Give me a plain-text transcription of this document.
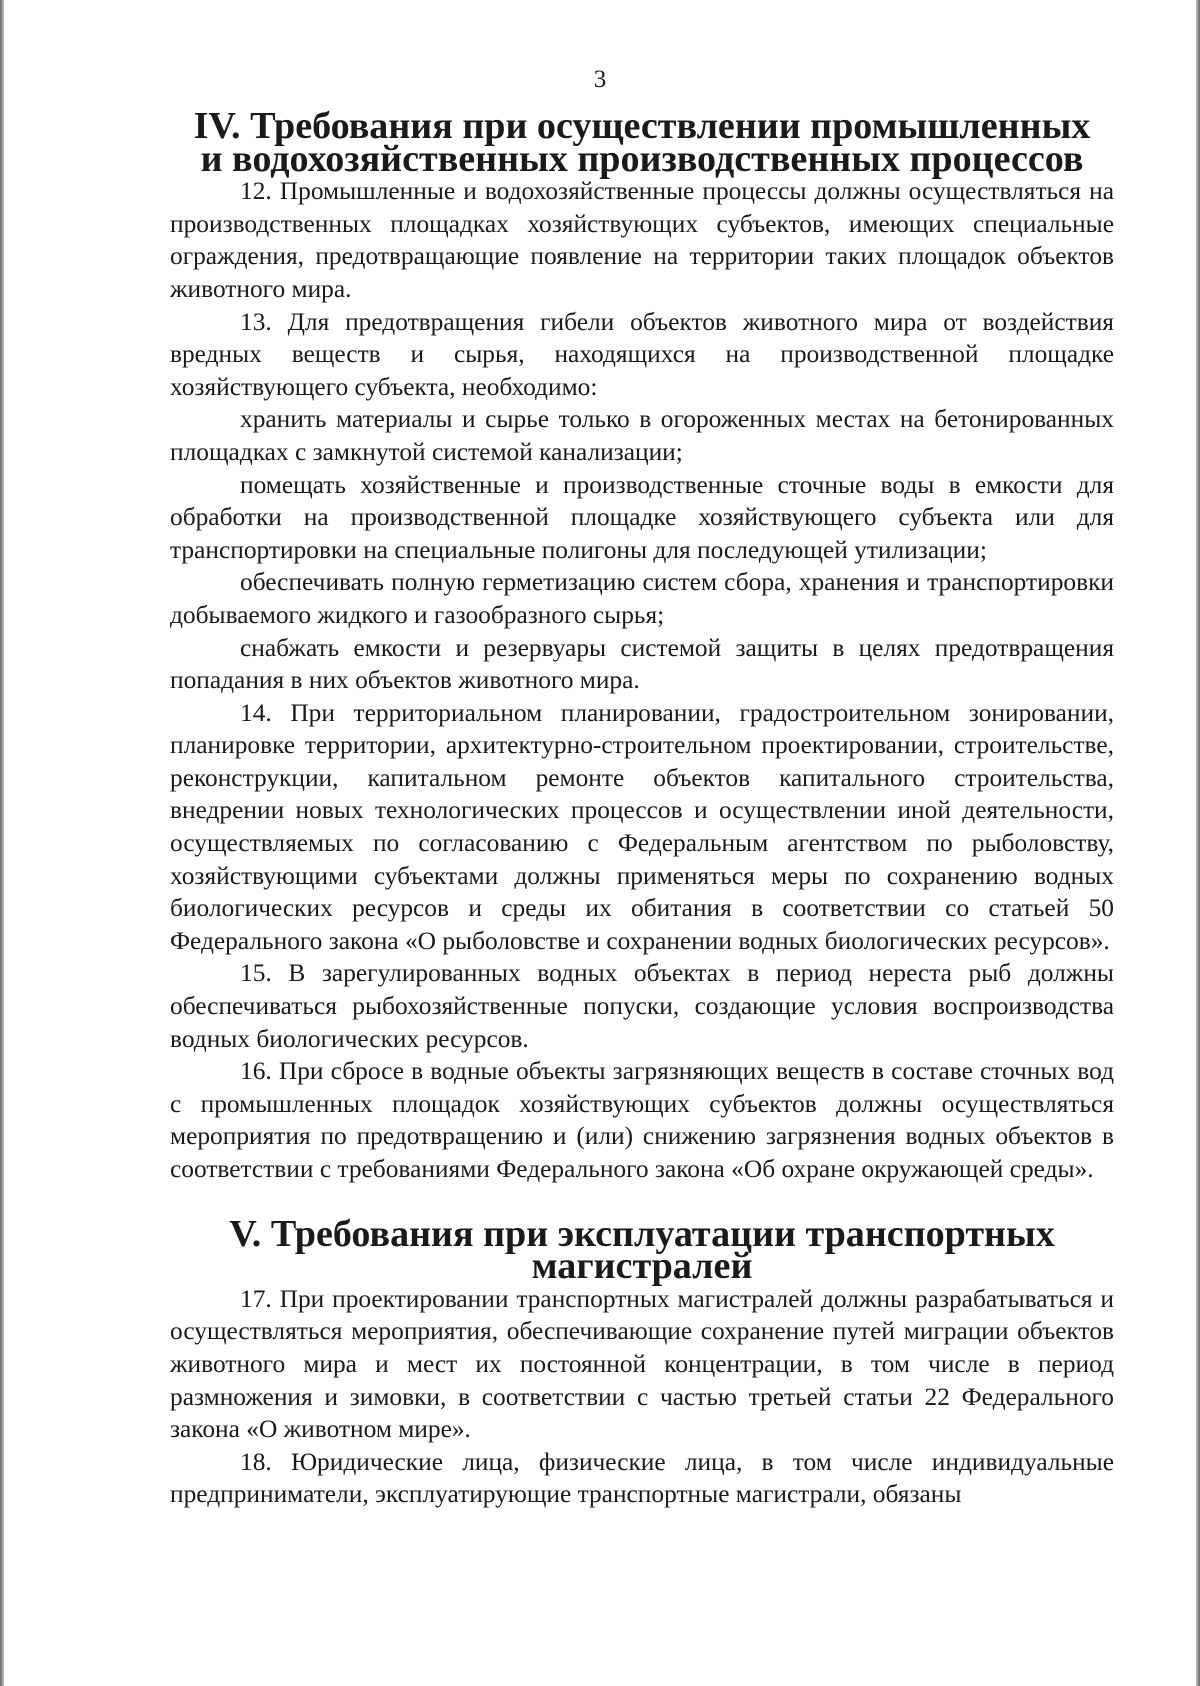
3
IV. Требования при осуществлении промышленных
и водохозяйственных производственных процессов

12. Промышленные и водохозяйственные процессы должны осуществляться на производственных площадках хозяйствующих субъектов, имеющих специальные ограждения, предотвращающие появление на территории таких площадок объектов животного мира.

13. Для предотвращения гибели объектов животного мира от воздействия вредных веществ и сырья, находящихся на производственной площадке хозяйствующего субъекта, необходимо:

хранить материалы и сырье только в огороженных местах на бетонированных площадках с замкнутой системой канализации;

помещать хозяйственные и производственные сточные воды в емкости для обработки на производственной площадке хозяйствующего субъекта или для транспортировки на специальные полигоны для последующей утилизации;

обеспечивать полную герметизацию систем сбора, хранения и транспортировки добываемого жидкого и газообразного сырья;

снабжать емкости и резервуары системой защиты в целях предотвращения попадания в них объектов животного мира.

14. При территориальном планировании, градостроительном зонировании, планировке территории, архитектурно-строительном проектировании, строительстве, реконструкции, капитальном ремонте объектов капитального строительства, внедрении новых технологических процессов и осуществлении иной деятельности, осуществляемых по согласованию с Федеральным агентством по рыболовству, хозяйствующими субъектами должны применяться меры по сохранению водных биологических ресурсов и среды их обитания в соответствии со статьей 50 Федерального закона «О рыболовстве и сохранении водных биологических ресурсов».

15. В зарегулированных водных объектах в период нереста рыб должны обеспечиваться рыбохозяйственные попуски, создающие условия воспроизводства водных биологических ресурсов.

16. При сбросе в водные объекты загрязняющих веществ в составе сточных вод с промышленных площадок хозяйствующих субъектов должны осуществляться мероприятия по предотвращению и (или) снижению загрязнения водных объектов в соответствии с требованиями Федерального закона «Об охране окружающей среды».

V. Требования при эксплуатации транспортных магистралей

17. При проектировании транспортных магистралей должны разрабатываться и осуществляться мероприятия, обеспечивающие сохранение путей миграции объектов животного мира и мест их постоянной концентрации, в том числе в период размножения и зимовки, в соответствии с частью третьей статьи 22 Федерального закона «О животном мире».

18. Юридические лица, физические лица, в том числе индивидуальные предприниматели, эксплуатирующие транспортные магистрали, обязаны
